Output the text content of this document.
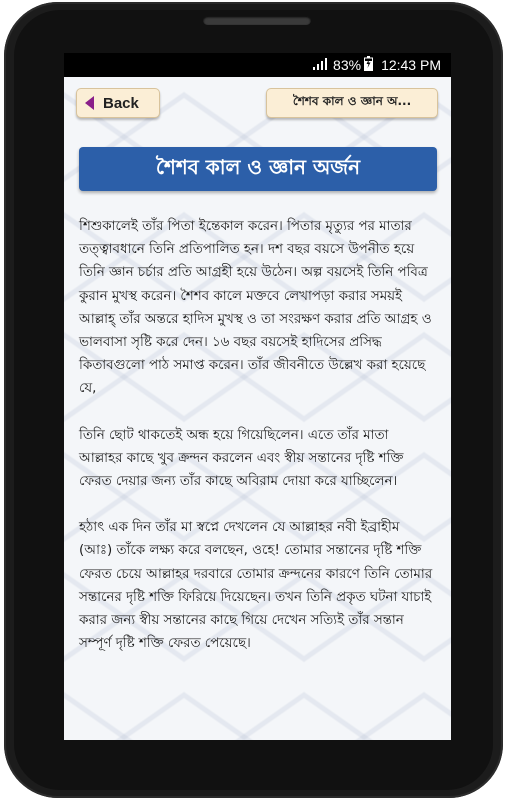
83% 12:43 PM
Back	শৈশব কাল ও জ্ঞান অ...
শৈশব কাল ও জ্ঞান অর্জন

শিশুকালেই তাঁর পিতা ইন্তেকাল করেন। পিতার মৃত্যুর পর মাতার তত্ত্বাবধানে তিনি প্রতিপালিত হন। দশ বছর বয়সে উপনীত হয়ে তিনি জ্ঞান চর্চার প্রতি আগ্রহী হয়ে উঠেন। অল্প বয়সেই তিনি পবিত্র কুরান মুখস্থ করেন। শৈশব কালে মক্তবে লেখাপড়া করার সময়ই আল্লাহ্ তাঁর অন্তরে হাদিস মুখস্থ ও তা সংরক্ষণ করার প্রতি আগ্রহ ও ভালবাসা সৃষ্টি করে দেন। ১৬ বছর বয়সেই হাদিসের প্রসিদ্ধ কিতাবগুলো পাঠ সমাপ্ত করেন। তাঁর জীবনীতে উল্লেখ করা হয়েছে যে,

তিনি ছোট থাকতেই অন্ধ হয়ে গিয়েছিলেন। এতে তাঁর মাতা আল্লাহর কাছে খুব ক্রন্দন করলেন এবং স্বীয় সন্তানের দৃষ্টি শক্তি ফেরত দেয়ার জন্য তাঁর কাছে অবিরাম দোয়া করে যাচ্ছিলেন।

হঠাৎ এক দিন তাঁর মা স্বপ্নে দেখলেন যে আল্লাহর নবী ইব্রাহীম (আঃ) তাঁকে লক্ষ্য করে বলছেন, ওহে! তোমার সন্তানের দৃষ্টি শক্তি ফেরত চেয়ে আল্লাহর দরবারে তোমার ক্রন্দনের কারণে তিনি তোমার সন্তানের দৃষ্টি শক্তি ফিরিয়ে দিয়েছেন। তখন তিনি প্রকৃত ঘটনা যাচাই করার জন্য স্বীয় সন্তানের কাছে গিয়ে দেখেন সত্যিই তাঁর সন্তান সম্পূর্ণ দৃষ্টি শক্তি ফেরত পেয়েছে।
